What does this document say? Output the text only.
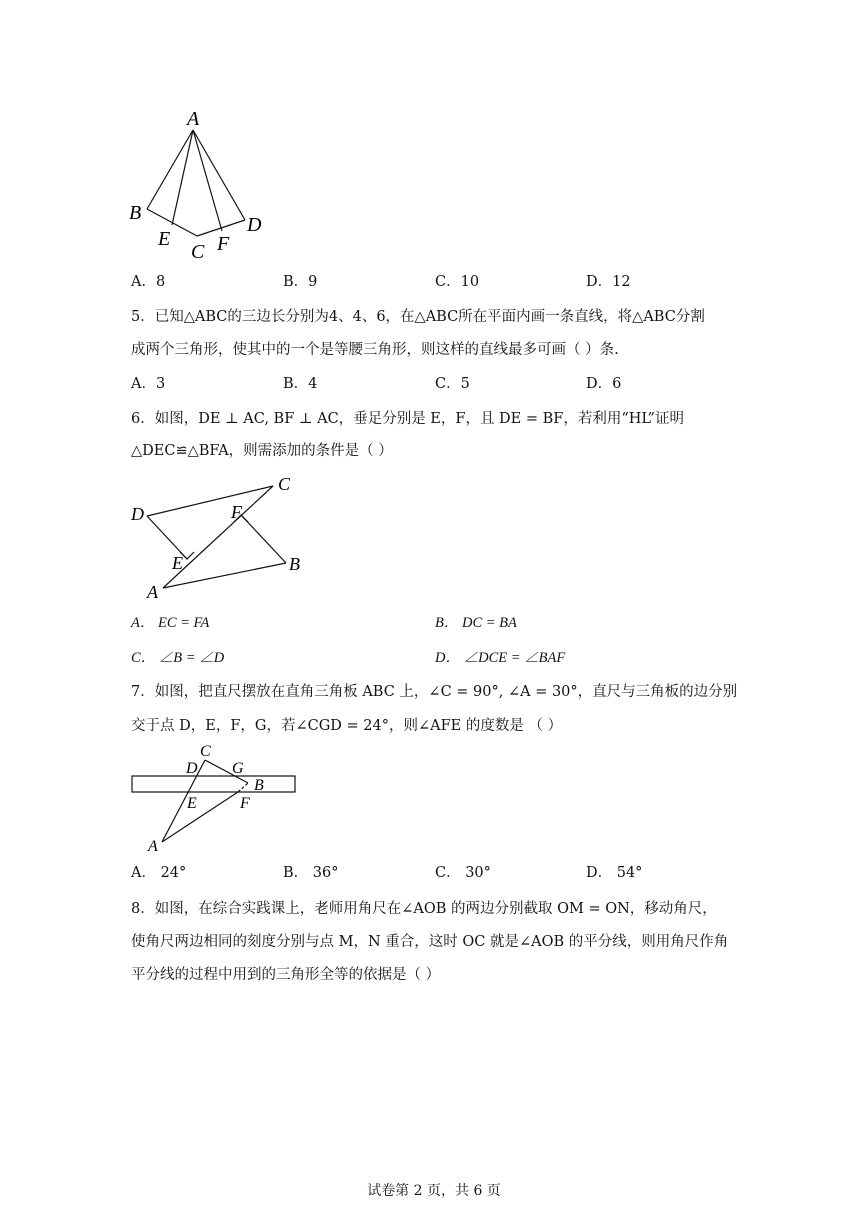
A
B
E
C F
D
A．8	B．9	C．10	D．12
5．已知△ABC的三边长分别为4、4、6，在△ABC所在平面内画一条直线，将△ABC分割
成两个三角形，使其中的一个是等腰三角形，则这样的直线最多可画（ ）条.
A．3	B．4	C．5	D．6
6．如图，DE ⊥ AC, BF ⊥ AC，垂足分别是 E，F，且 DE = BF，若利用“HL”证明
△DEC≌△BFA，则需添加的条件是（ ）
C
D	F
E	B
A
A． EC = FA	B． DC = BA
C． ∠B = ∠D	D． ∠DCE = ∠BAF
7．如图，把直尺摆放在直角三角板 ABC 上，∠C = 90°, ∠A = 30°，直尺与三角板的边分别
交于点 D，E，F，G，若∠CGD = 24°，则∠AFE 的度数是 （ ）
C
D G
B
E	F
A
A． 24°	B． 36°	C． 30°	D． 54°
8．如图，在综合实践课上，老师用角尺在∠AOB 的两边分别截取 OM = ON，移动角尺，
使角尺两边相同的刻度分别与点 M，N 重合，这时 OC 就是∠AOB 的平分线，则用角尺作角
平分线的过程中用到的三角形全等的依据是（ ）
试卷第 2 页，共 6 页
